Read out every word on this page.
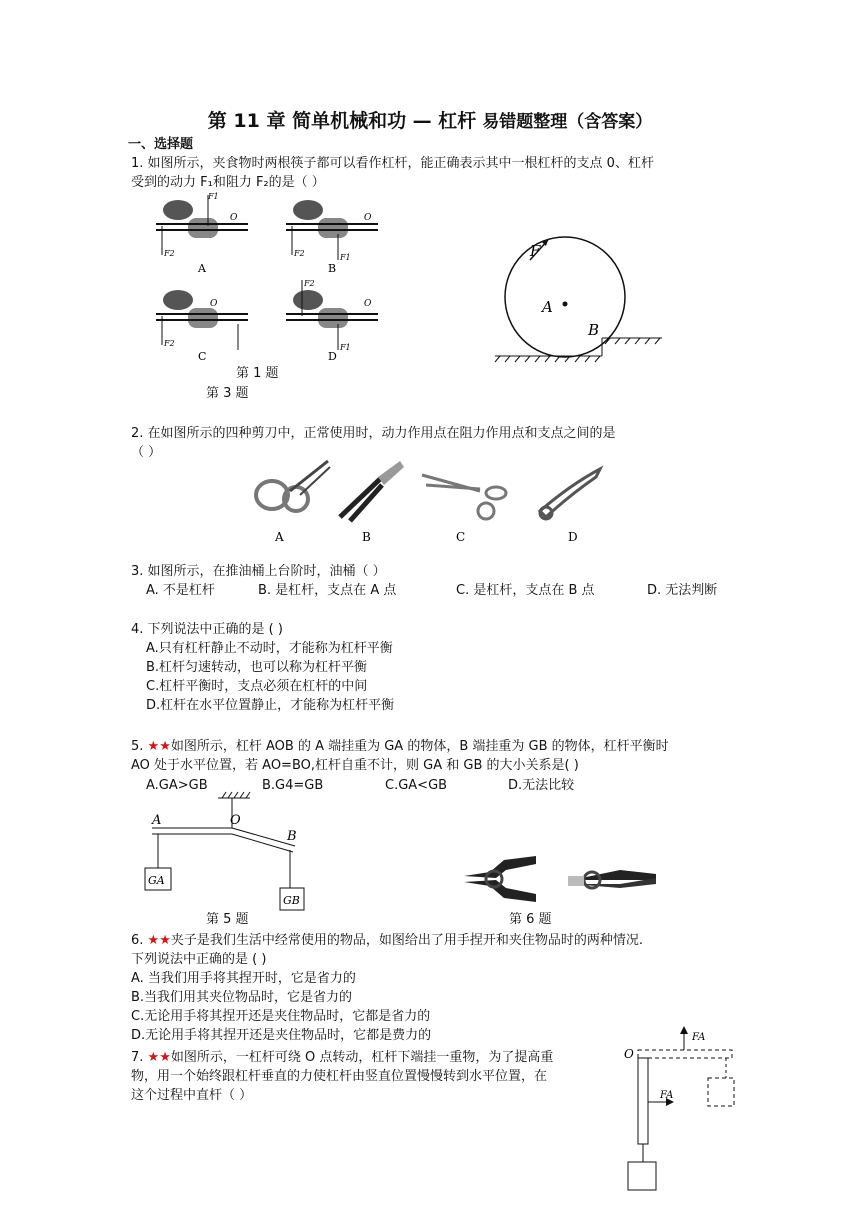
第 11 章 简单机械和功 — 杠杆 易错题整理（含答案）
一、选择题
1. 如图所示，夹食物时两根筷子都可以看作杠杆，能正确表示其中一根杠杆的支点 0、杠杆
受到的动力 F₁和阻力 F₂的是（ ）
F1
F2
O
A
F1
F2
O
B
F2
O
C
F2
F1
O
D
第 1 题
第 3 题
A
B
F
2. 在如图所示的四种剪刀中，正常使用时，动力作用点在阻力作用点和支点之间的是
（ ）
A	B	C	D
3. 如图所示，在推油桶上台阶时，油桶（ ）
A. 不是杠杆	B. 是杠杆，支点在 A 点	C. 是杠杆，支点在 B 点	D. 无法判断
4. 下列说法中正确的是 ( )
A.只有杠杆静止不动时，才能称为杠杆平衡
B.杠杆匀速转动，也可以称为杠杆平衡
C.杠杆平衡时，支点必须在杠杆的中间
D.杠杆在水平位置静止，才能称为杠杆平衡
5. ★★如图所示，杠杆 AOB 的 A 端挂重为 GA 的物体，B 端挂重为 GB 的物体，杠杆平衡时
AO 处于水平位置，若 AO=BO,杠杆自重不计，则 GA 和 GB 的大小关系是( )
A.GA>GB	B.G4=GB	C.GA<GB	D.无法比较
A	O
B
GA
GB
第 5 题	第 6 题
6. ★★夹子是我们生活中经常使用的物品，如图给出了用手捏开和夹住物品时的两种情况.
下列说法中正确的是 ( )
A. 当我们用手将其捏开时，它是省力的
B.当我们用其夹位物品时，它是省力的
C.无论用手将其捏开还是夹住物品时，它都是省力的
D.无论用手将其捏开还是夹住物品时，它都是费力的
7. ★★如图所示，一杠杆可绕 O 点转动，杠杆下端挂一重物，为了提高重
物，用一个始终跟杠杆垂直的力使杠杆由竖直位置慢慢转到水平位置，在
这个过程中直杆（ ）
O
FA
FA
